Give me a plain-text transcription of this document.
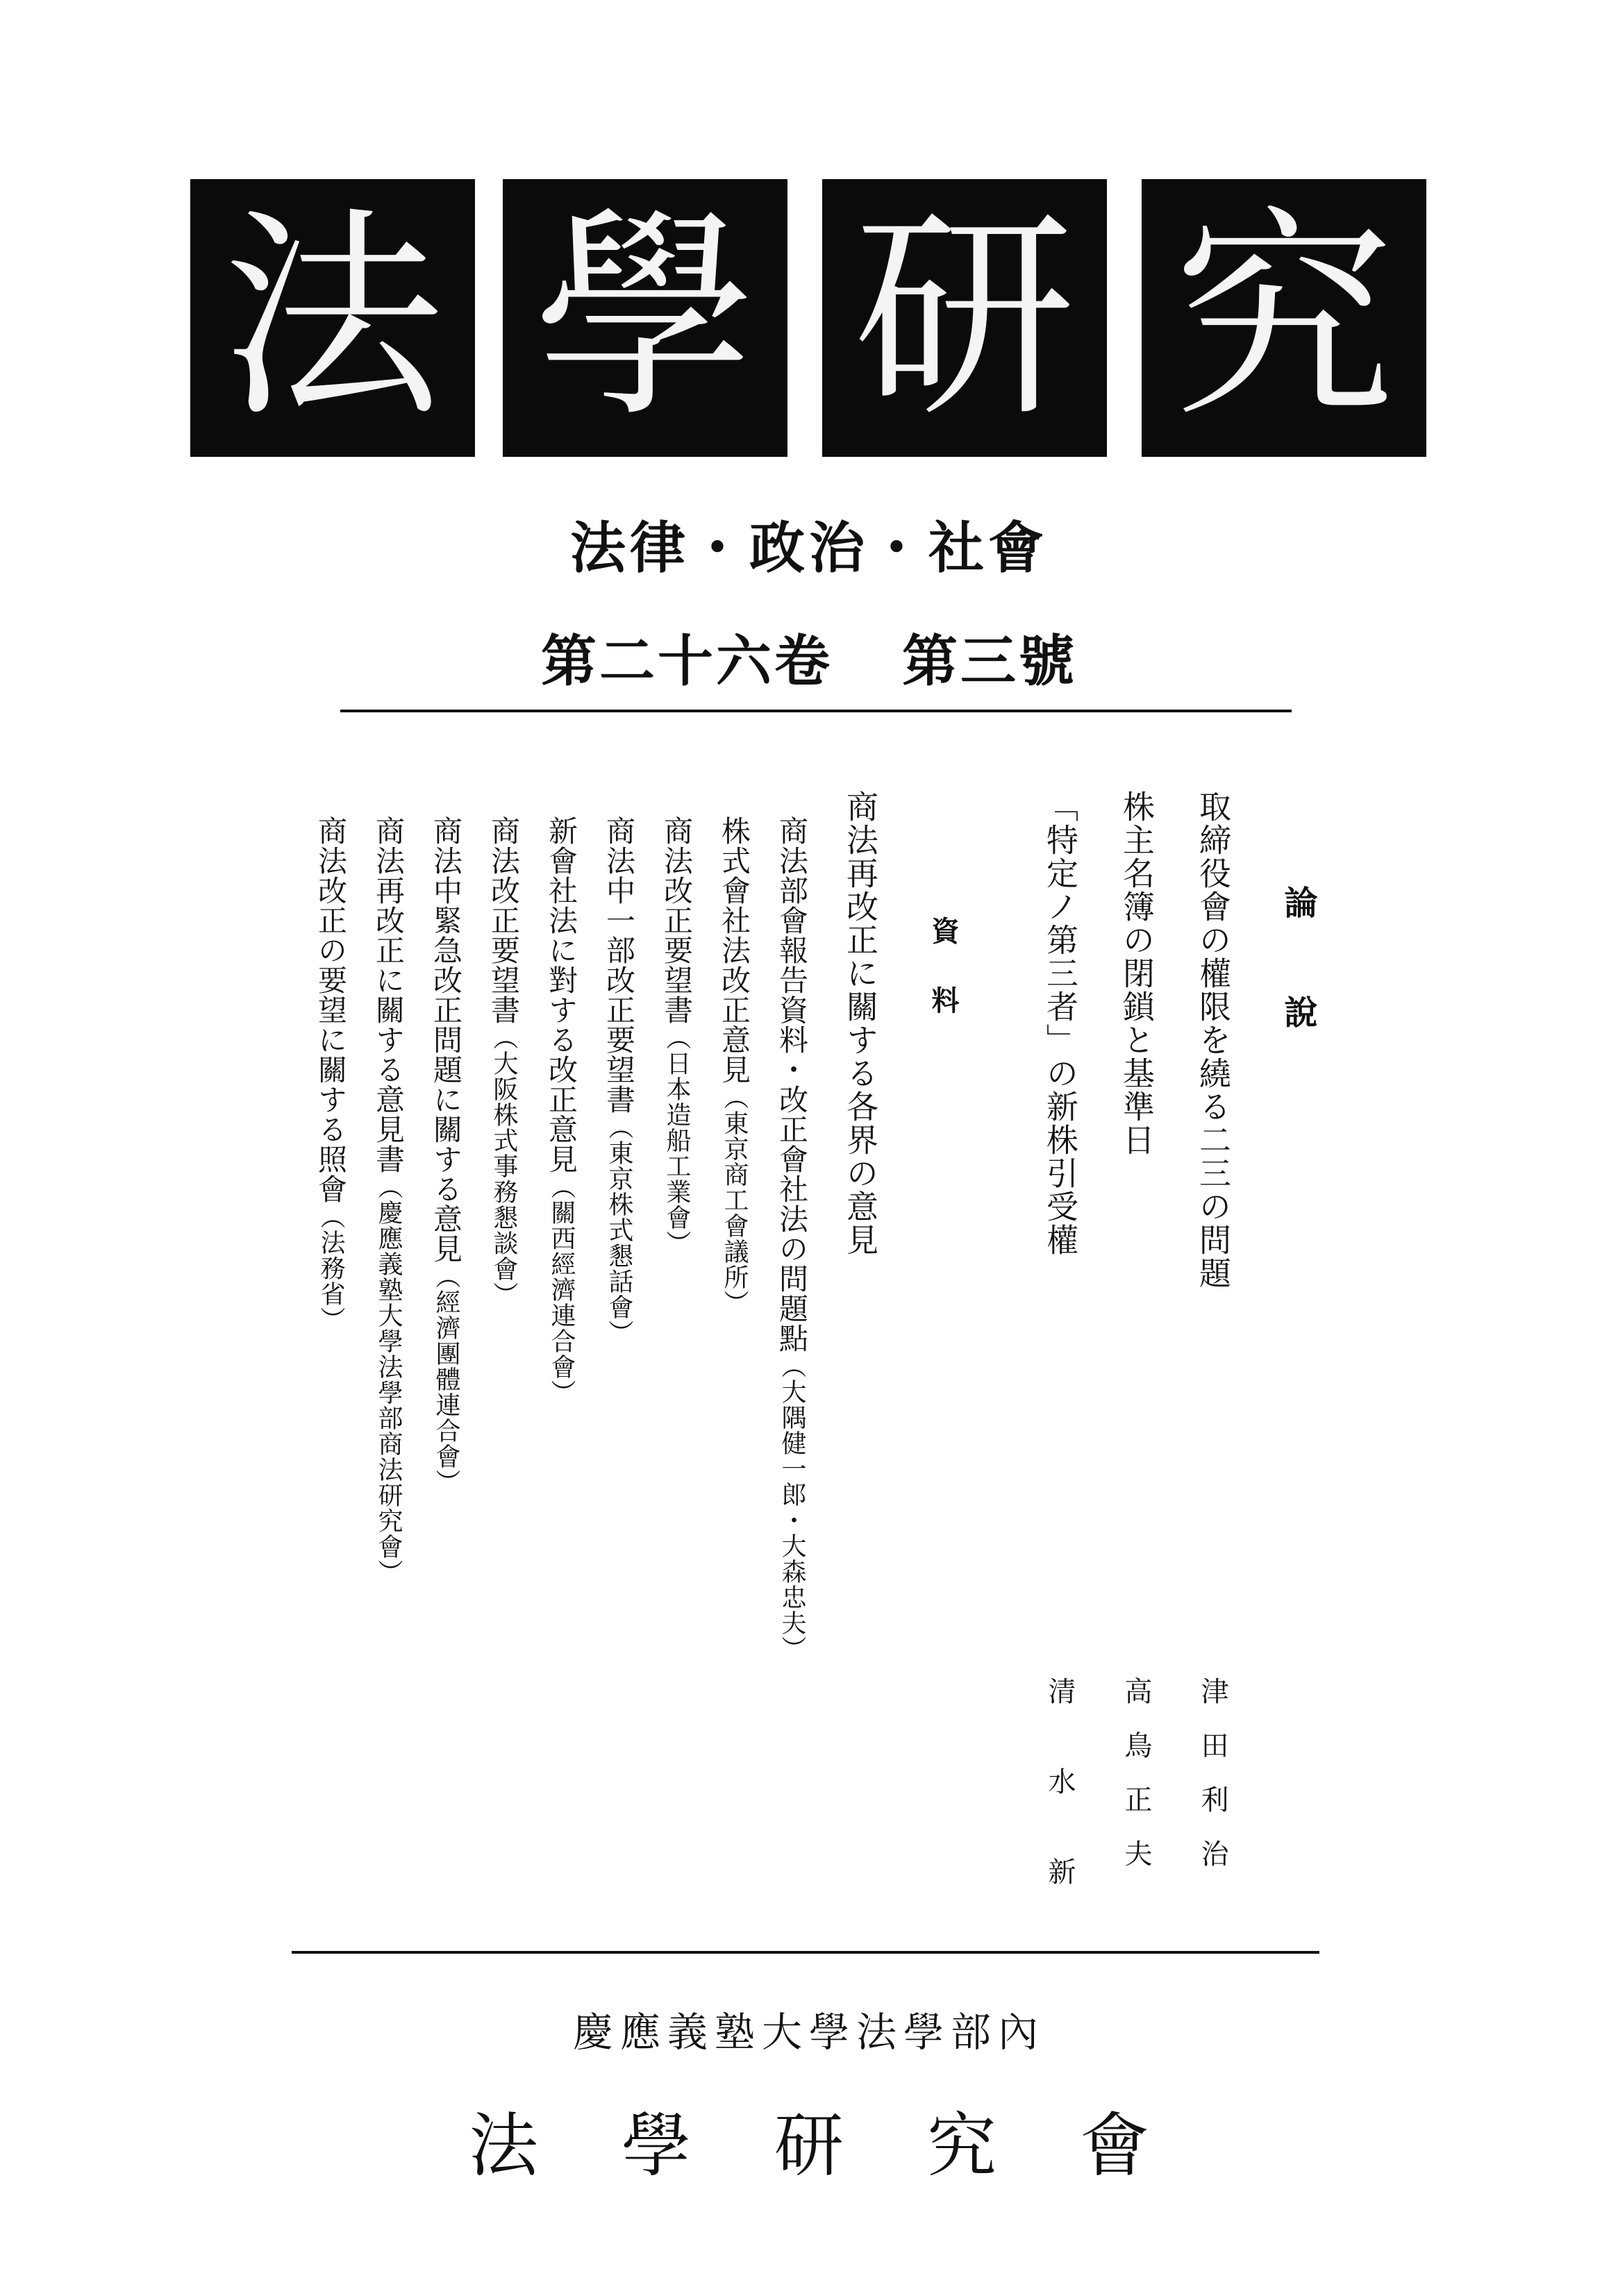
法 學 研 究
法律・政治・社會
第二十六卷 第三號
論說
取締役會の權限を繞る二三の問題
株主名簿の閉鎖と基準日
「特定ノ第三者」の新株引受權
津田利治
高鳥正夫
清水新
資料
商法再改正に關する各界の意見
商法部會報告資料・改正會社法の問題點（大隅健一郎・大森忠夫）
株式會社法改正意見（東京商工會議所）
商法改正要望書（日本造船工業會）
商法中一部改正要望書（東京株式懇話會）
新會社法に對する改正意見（關西經濟連合會）
商法改正要望書（大阪株式事務懇談會）
商法中緊急改正問題に關する意見（經濟團體連合會）
商法再改正に關する意見書（慶應義塾大學法學部商法研究會）
商法改正の要望に關する照會（法務省）
慶應義塾大學法學部內
法學研究會
